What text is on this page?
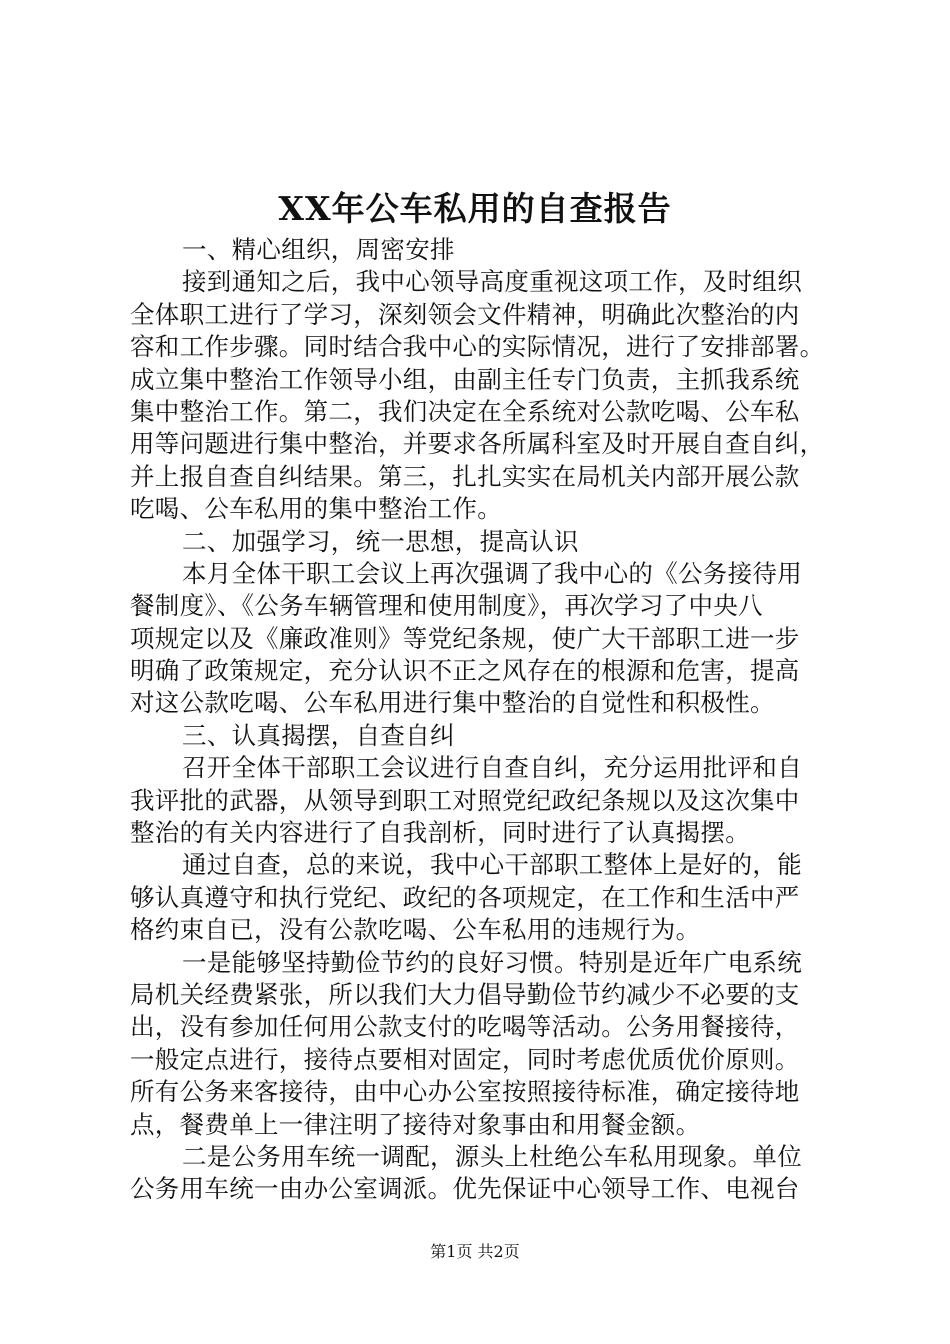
XX年公车私用的自查报告
一、精心组织，周密安排
接到通知之后，我中心领导高度重视这项工作，及时组织
全体职工进行了学习，深刻领会文件精神，明确此次整治的内
容和工作步骤。同时结合我中心的实际情况，进行了安排部署。
成立集中整治工作领导小组，由副主任专门负责，主抓我系统
集中整治工作。第二，我们决定在全系统对公款吃喝、公车私
用等问题进行集中整治，并要求各所属科室及时开展自查自纠，
并上报自查自纠结果。第三，扎扎实实在局机关内部开展公款
吃喝、公车私用的集中整治工作。
二、加强学习，统一思想，提高认识
本月全体干职工会议上再次强调了我中心的《公务接待用
餐制度》、《公务车辆管理和使用制度》，再次学习了中央八
项规定以及《廉政准则》等党纪条规，使广大干部职工进一步
明确了政策规定，充分认识不正之风存在的根源和危害，提高
对这公款吃喝、公车私用进行集中整治的自觉性和积极性。
三、认真揭摆，自查自纠
召开全体干部职工会议进行自查自纠，充分运用批评和自
我评批的武器，从领导到职工对照党纪政纪条规以及这次集中
整治的有关内容进行了自我剖析，同时进行了认真揭摆。
通过自查，总的来说，我中心干部职工整体上是好的，能
够认真遵守和执行党纪、政纪的各项规定，在工作和生活中严
格约束自已，没有公款吃喝、公车私用的违规行为。
一是能够坚持勤俭节约的良好习惯。特别是近年广电系统
局机关经费紧张，所以我们大力倡导勤俭节约减少不必要的支
出，没有参加任何用公款支付的吃喝等活动。公务用餐接待，
一般定点进行，接待点要相对固定，同时考虑优质优价原则。
所有公务来客接待，由中心办公室按照接待标准，确定接待地
点，餐费单上一律注明了接待对象事由和用餐金额。
二是公务用车统一调配，源头上杜绝公车私用现象。单位
公务用车统一由办公室调派。优先保证中心领导工作、电视台
第1页 共2页
